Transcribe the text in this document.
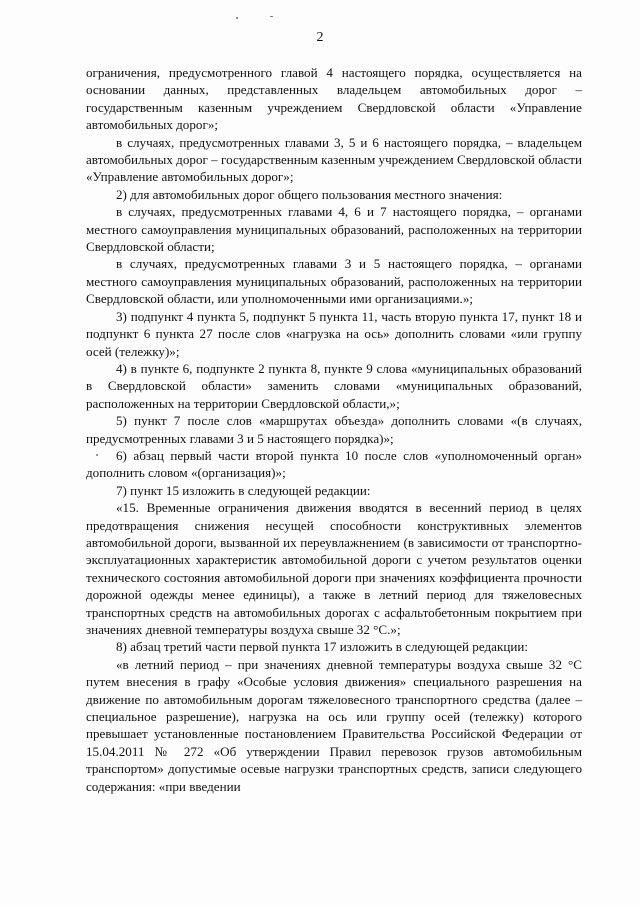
2

ограничения, предусмотренного главой 4 настоящего порядка, осуществляется на основании данных, представленных владельцем автомобильных дорог – государственным казенным учреждением Свердловской области «Управление автомобильных дорог»;

в случаях, предусмотренных главами 3, 5 и 6 настоящего порядка, – владельцем автомобильных дорог – государственным казенным учреждением Свердловской области «Управление автомобильных дорог»;

2) для автомобильных дорог общего пользования местного значения:

в случаях, предусмотренных главами 4, 6 и 7 настоящего порядка, – органами местного самоуправления муниципальных образований, расположенных на территории Свердловской области;

в случаях, предусмотренных главами 3 и 5 настоящего порядка, – органами местного самоуправления муниципальных образований, расположенных на территории Свердловской области, или уполномоченными ими организациями.»;

3) подпункт 4 пункта 5, подпункт 5 пункта 11, часть вторую пункта 17, пункт 18 и подпункт 6 пункта 27 после слов «нагрузка на ось» дополнить словами «или группу осей (тележку)»;

4) в пункте 6, подпункте 2 пункта 8, пункте 9 слова «муниципальных образований в Свердловской области» заменить словами «муниципальных образований, расположенных на территории Свердловской области,»;

5) пункт 7 после слов «маршрутах объезда» дополнить словами «(в случаях, предусмотренных главами 3 и 5 настоящего порядка)»;

6) абзац первый части второй пункта 10 после слов «уполномоченный орган» дополнить словом «(организация)»;

7) пункт 15 изложить в следующей редакции:

«15. Временные ограничения движения вводятся в весенний период в целях предотвращения снижения несущей способности конструктивных элементов автомобильной дороги, вызванной их переувлажнением (в зависимости от транспортно-эксплуатационных характеристик автомобильной дороги с учетом результатов оценки технического состояния автомобильной дороги при значениях коэффициента прочности дорожной одежды менее единицы), а также в летний период для тяжеловесных транспортных средств на автомобильных дорогах с асфальтобетонным покрытием при значениях дневной температуры воздуха свыше 32 °С.»;

8) абзац третий части первой пункта 17 изложить в следующей редакции:

«в летний период – при значениях дневной температуры воздуха свыше 32 °С путем внесения в графу «Особые условия движения» специального разрешения на движение по автомобильным дорогам тяжеловесного транспортного средства (далее – специальное разрешение), нагрузка на ось или группу осей (тележку) которого превышает установленные постановлением Правительства Российской Федерации от 15.04.2011 № 272 «Об утверждении Правил перевозок грузов автомобильным транспортом» допустимые осевые нагрузки транспортных средств, записи следующего содержания: «при введении
